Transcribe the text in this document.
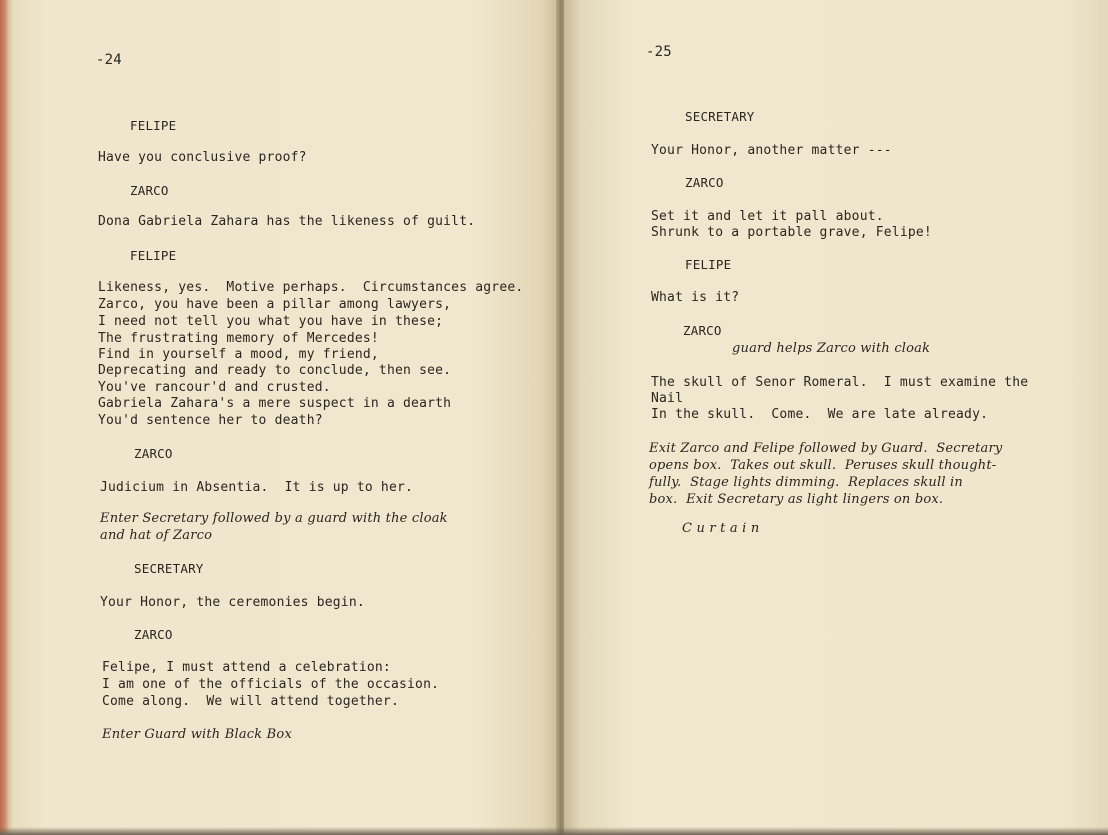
-24
FELIPE
Have you conclusive proof?
ZARCO
Dona Gabriela Zahara has the likeness of guilt.
FELIPE
Likeness, yes.  Motive perhaps.  Circumstances agree.
Zarco, you have been a pillar among lawyers,
I need not tell you what you have in these;
The frustrating memory of Mercedes!
Find in yourself a mood, my friend,
Deprecating and ready to conclude, then see.
You've rancour'd and crusted.
Gabriela Zahara's a mere suspect in a dearth
You'd sentence her to death?
ZARCO
Judicium in Absentia.  It is up to her.
Enter Secretary followed by a guard with the cloak
and hat of Zarco
SECRETARY
Your Honor, the ceremonies begin.
ZARCO
Felipe, I must attend a celebration:
I am one of the officials of the occasion.
Come along.  We will attend together.
Enter Guard with Black Box
-25
SECRETARY
Your Honor, another matter ---
ZARCO
Set it and let it pall about.
Shrunk to a portable grave, Felipe!
FELIPE
What is it?
ZARCO
guard helps Zarco with cloak
The skull of Senor Romeral.  I must examine the
Nail
In the skull.  Come.  We are late already.
Exit Zarco and Felipe followed by Guard.  Secretary
opens box.  Takes out skull.  Peruses skull thought-
fully.  Stage lights dimming.  Replaces skull in
box.  Exit Secretary as light lingers on box.
C u r t a i n
